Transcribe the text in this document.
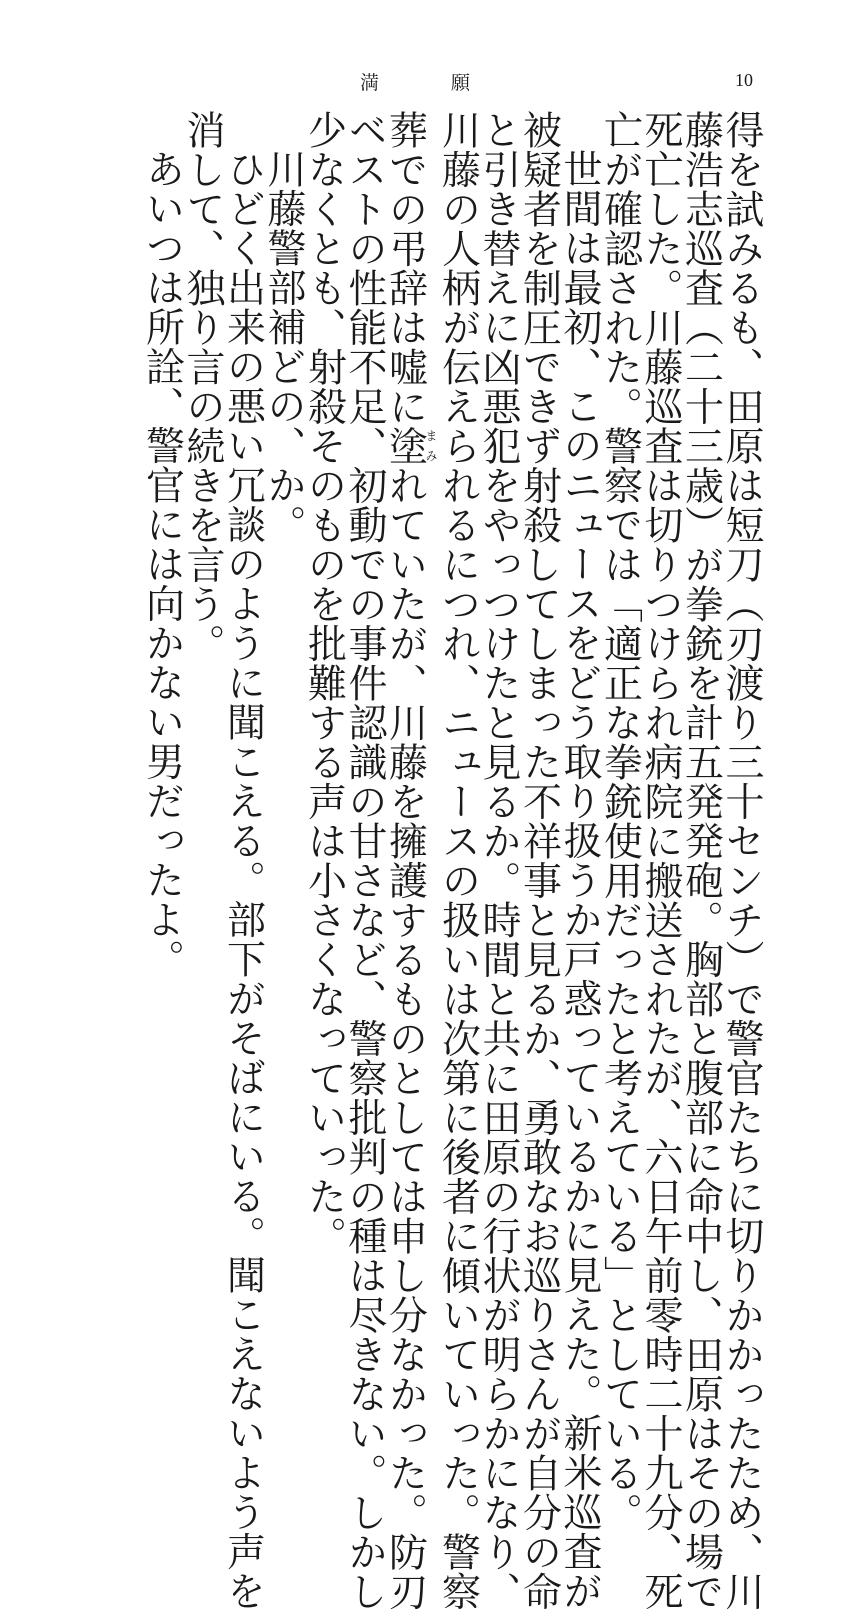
満願	10
得を試みるも、田原は短刀（刃渡り三十センチ）で警官たちに切りかかったため、川
藤浩志巡査（二十三歳）が拳銃を計五発発砲。胸部と腹部に命中し、田原はその場で
死亡した。川藤巡査は切りつけられ病院に搬送されたが、六日午前零時二十九分、死
亡が確認された。警察では「適正な拳銃使用だったと考えている」としている。
世間は最初、このニュースをどう取り扱うか戸惑っているかに見えた。新米巡査が
被疑者を制圧できず射殺してしまった不祥事と見るか、勇敢なお巡りさんが自分の命
と引き替えに凶悪犯をやっつけたと見るか。時間と共に田原の行状が明らかになり、
川藤の人柄が伝えられるにつれ、ニュースの扱いは次第に後者に傾いていった。警察
葬での弔辞は嘘に塗まみれていたが、川藤を擁護するものとしては申し分なかった。防刃
ベストの性能不足、初動での事件認識の甘さなど、警察批判の種は尽きない。しかし
少なくとも、射殺そのものを批難する声は小さくなっていった。
川藤警部補どの、か。
ひどく出来の悪い冗談のように聞こえる。部下がそばにいる。聞こえないよう声を
消して、独り言の続きを言う。
あいつは所詮、警官には向かない男だったよ。
